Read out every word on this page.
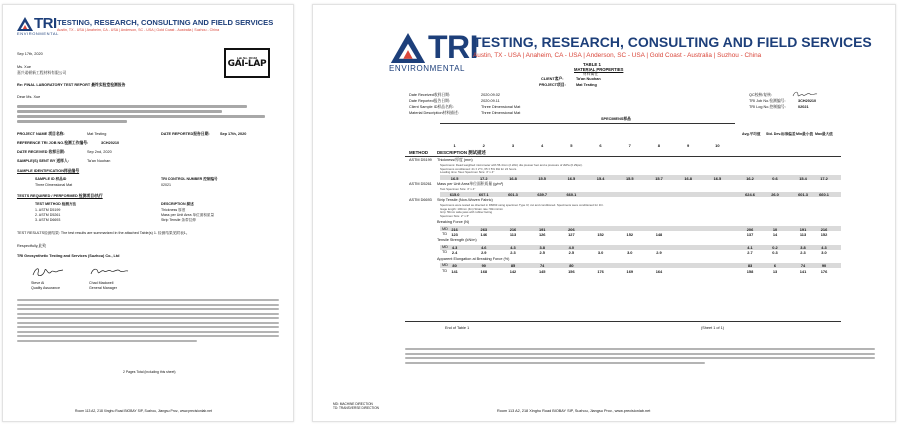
TRI
ENVIRONMENTAL
TESTING, RESEARCH, CONSULTING AND FIELD SERVICES
Austin, TX - USA | Anaheim, CA - USA | Anderson, SC - USA | Gold Coast - Australia | Suzhou - China
Lab No. 00133
GAI-LAP
Sep 17th, 2020
Ms. Xue
嘉兴诺顿新工程材料有限公司
Re: FINAL LABORATORY TEST REPORT 最终实验室检测报告
Dear Ms. Xue
PROJECT NAME 项目名称:	Mat Testing	DATE REPORTED报告日期:	Sep 17th, 2020
REFERENCE TRI JOB NO.检测工作编号:	3CH20210
DATE RECEIVED 收样日期:	Sep 2nd, 2020
SAMPLE(S) SENT BY 送样人:	Ta'an Nuohan
SAMPLE IDENTIFICATION样品编号
SAMPLE ID 样品ID	TRI CONTROL NUMBER 控制编号
Three Dimensional Mat	02021
TESTS REQUIRED / PERFORMED 检测项目/执行
TEST METHOD 检测方法	DESCRIPTION 描述
1. ASTM D5199	Thickness 厚度
2. ASTM D5261	Mass per Unit Area 单位面积质量
3. ASTM D6693	Strip Tensile 条带拉伸
TEST RESULTS检测结果: The test results are summarized in the attached Table(s) 1. 检测结果见附表1。
Respectfully,此致
TRI Geosynthetic Testing and Services (Suzhou) Co., Ltd
Steve Ai
Quality Assurance
Chad Mackwell
General Manager
2 Pages Total (including this sheet)
Room 113 A2, 218 Xinghu Road BIOBAY SIP, Suzhou, Jiangsu Prov., www.precisionlab.net
TRI
ENVIRONMENTAL
TESTING, RESEARCH, CONSULTING AND FIELD SERVICES
Austin, TX - USA | Anaheim, CA - USA | Anderson, SC - USA | Gold Coast - Australia | Suzhou - China
TABLE 1
MATERIAL PROPERTIES
材料属性
CLIENT客户:	Ta'an Nuohan
PROJECT项目:	Mat Testing
Date Received收样日期:	2020.09.02
Date Reported报告日期:	2020.09.11
Client Sample ID样品名称:	Three Dimensional Mat
Material Description材料描述:	Three Dimensional Mat
QC校核/复核:
TRI Job No.检测编号:	3CH20210
TRI Log No.控制编号:	02021
SPECIMENS样品
Avg.平均值 Std. Dev.标准偏差 Min最小值 Max最大值
METHOD DESCRIPTION 测试描述
1	2	3	4	5	6	7	8	9	10
ASTM D5199 Thickness/厚度 (mm)
Specimens: Dead weighted micrometer with 56.4mm (2.22in) dia presser foot and a pressure of 2kPa (0.29psi).
Specimens conditioned: 21 ± 2°C, 65 ± 5% RH for 24 hours.
Loading time: 5sec Specimen Size: 4" x 4"
16.5	17.2	16.8	15.5	16.5	15.4	15.5	15.7	16.8	16.5	16.2	0.6	15.4	17.2
ASTM D5261 Mass per Unit Area单位面积质量 (g/m²)
Test Specimen Size: 4" x 4"
615.0	607.1	601.3	639.7	660.1	624.6	26.0	601.3	660.1
ASTM D6693 Strip Tensile (Non-Woven Fabric)
Specimens were tested as directed in D6693 using specimen Type IV, cut and conditioned. Specimens were conditioned for 1hr.
Gage length: 100mm (4in) Strain rate: 50mm/min
Grip: 50mm wide jaws with rubber facing
Specimen Size: 2" x 6"
Breaking Force (N)
MD 216	263	216	191	206	206	10	191	216
TD	123	146	113	126	127	152	152	148	137	14	113	152
Tensile Strength (kN/m)
MD	4.3	4.6	4.3	3.8	4.0	4.1	0.2	3.8	4.3
TD	2.4	2.9	2.3	2.5	2.5	3.0	3.0	2.9	2.7	0.3	2.3	3.0
Apparent Elongation at Breaking Force (%)
MD	80	90	85	74	80	83	6	74	90
TD	141	168	142	145	156	176	169	164	158	13	141	176
End of Table 1	(Sheet 1 of 1)
MD: MACHINE DIRECTION
TD: TRANSVERSE DIRECTION
Room 113 A2, 218 Xinghu Road BIOBAY SIP, Suzhou, Jiangsu Prov., www.precisionlab.net
